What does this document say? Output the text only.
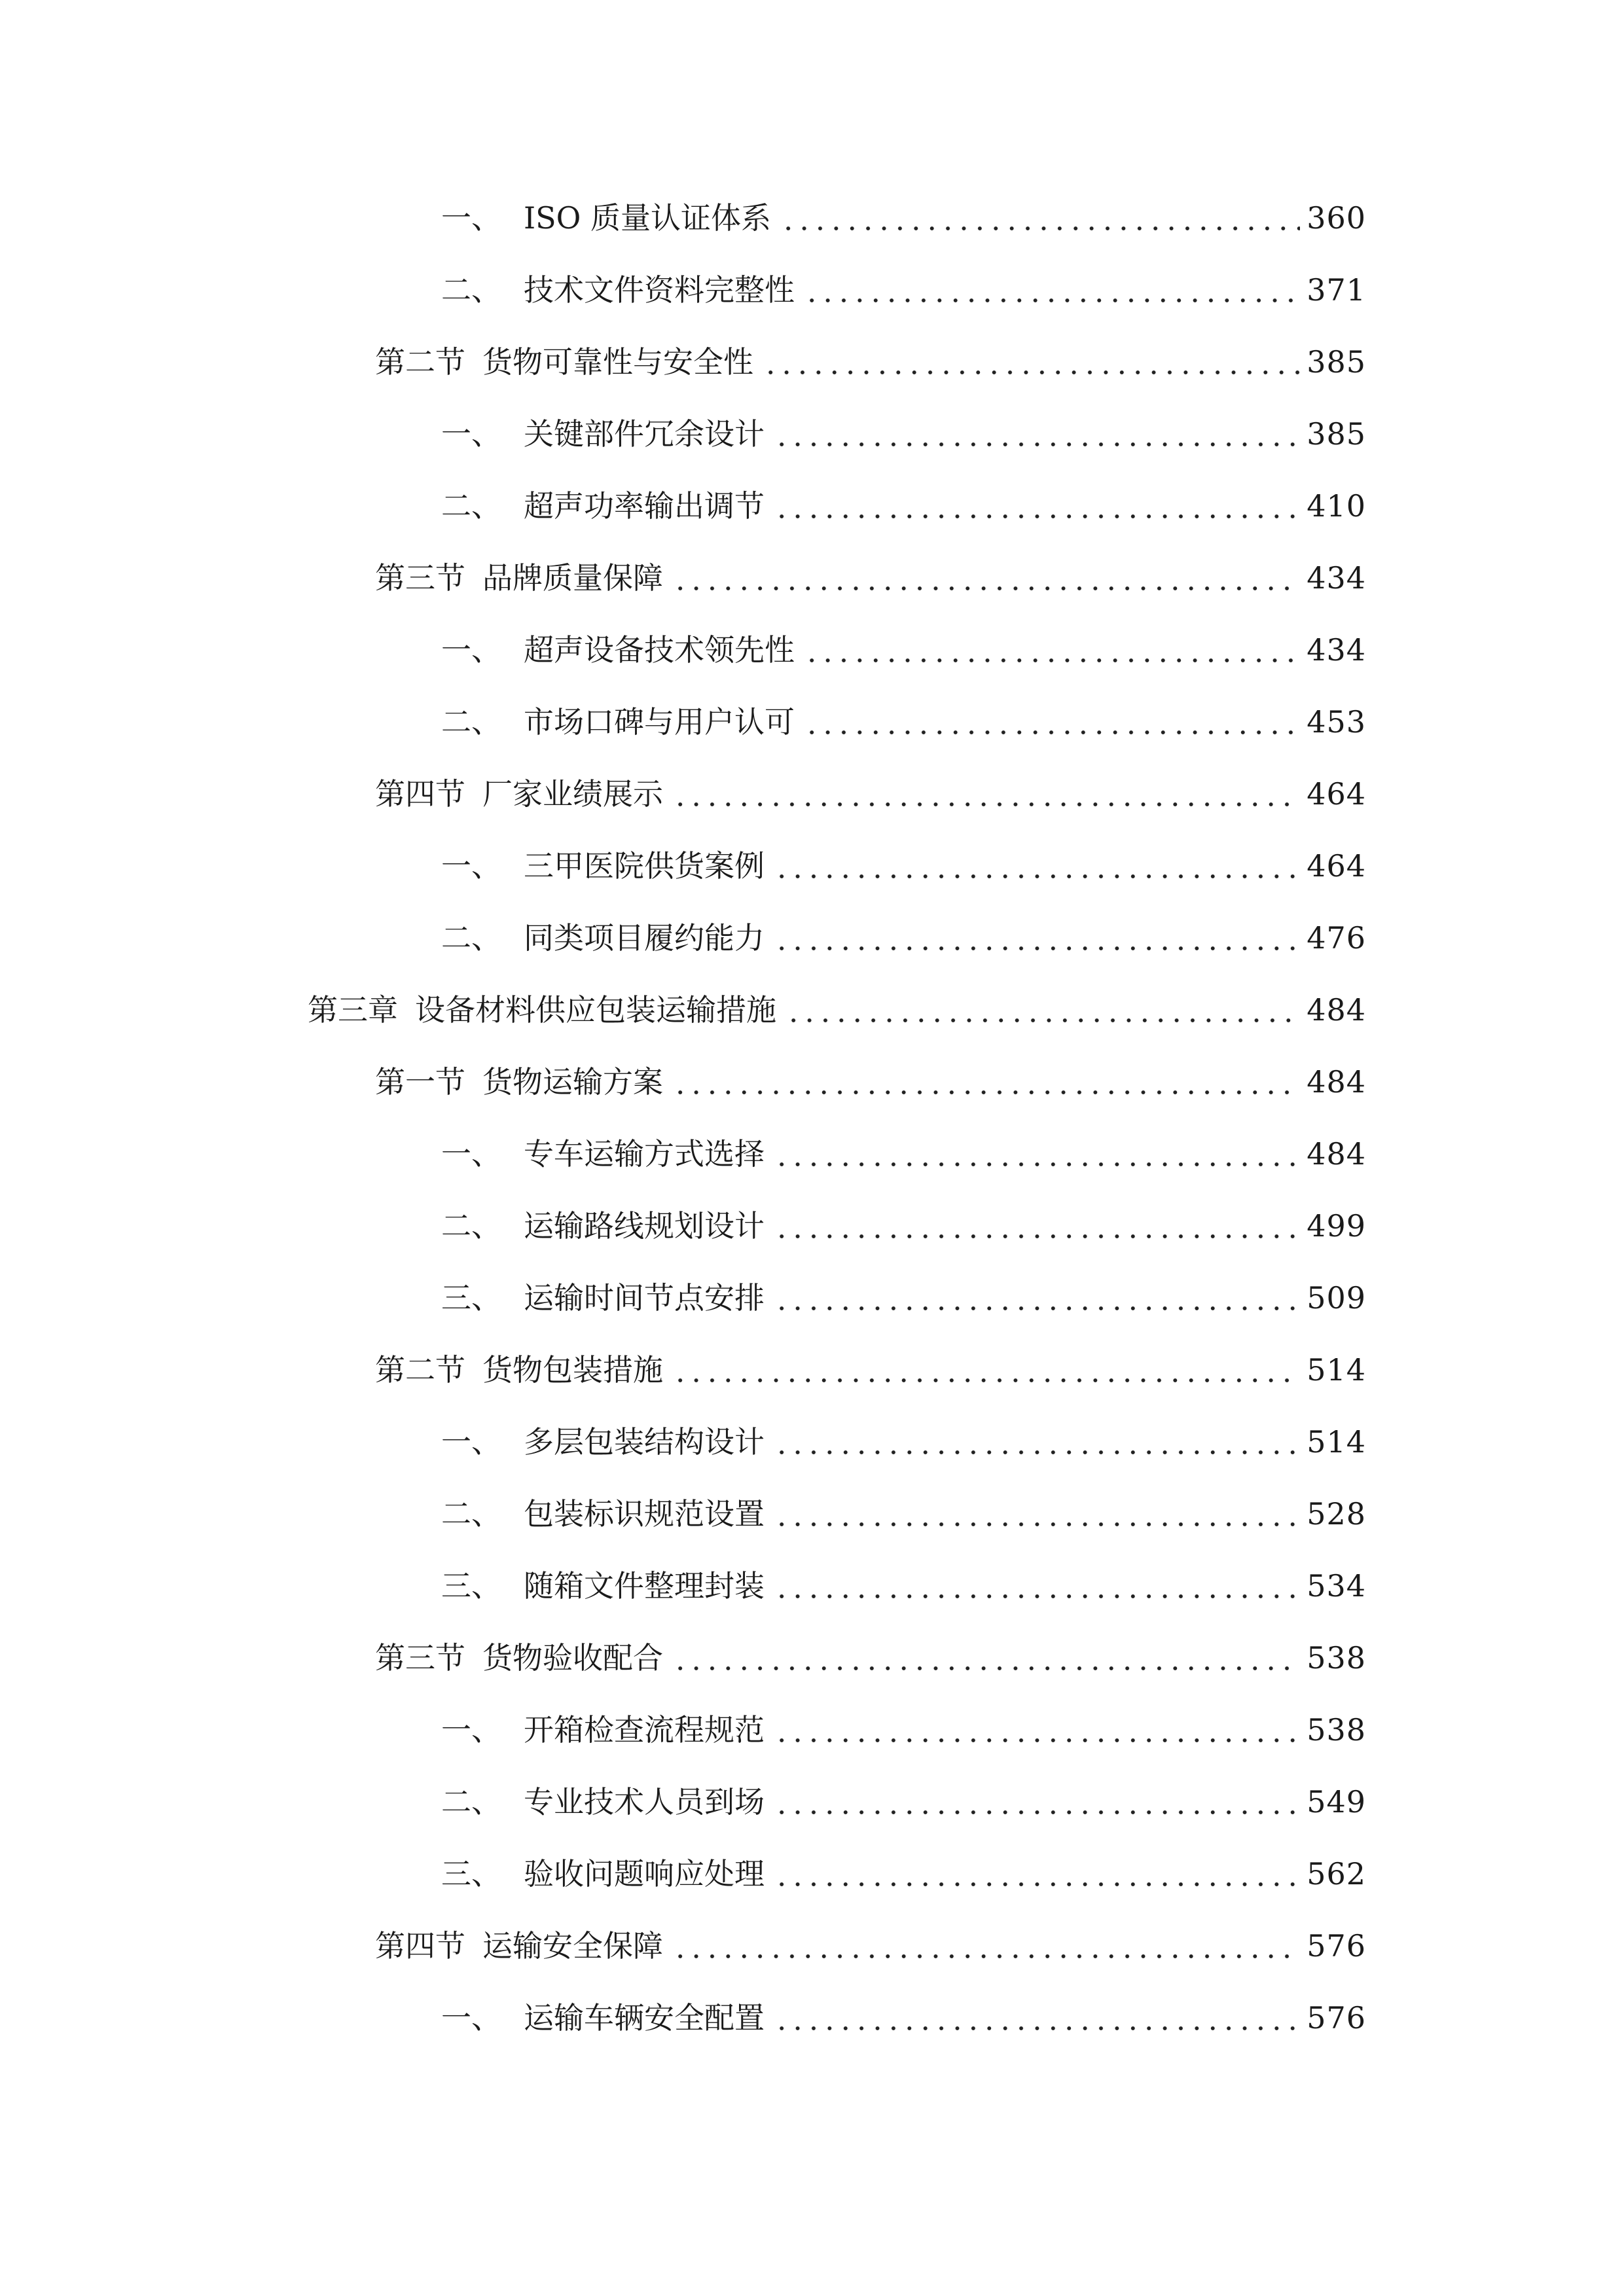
一、 ISO 质量认证体系	360
二、 技术文件资料完整性	371
第二节 货物可靠性与安全性	385
一、 关键部件冗余设计	385
二、 超声功率输出调节	410
第三节 品牌质量保障	434
一、 超声设备技术领先性	434
二、 市场口碑与用户认可	453
第四节 厂家业绩展示	464
一、 三甲医院供货案例	464
二、 同类项目履约能力	476
第三章 设备材料供应包装运输措施	484
第一节 货物运输方案	484
一、 专车运输方式选择	484
二、 运输路线规划设计	499
三、 运输时间节点安排	509
第二节 货物包装措施	514
一、 多层包装结构设计	514
二、 包装标识规范设置	528
三、 随箱文件整理封装	534
第三节 货物验收配合	538
一、 开箱检查流程规范	538
二、 专业技术人员到场	549
三、 验收问题响应处理	562
第四节 运输安全保障	576
一、 运输车辆安全配置	576
